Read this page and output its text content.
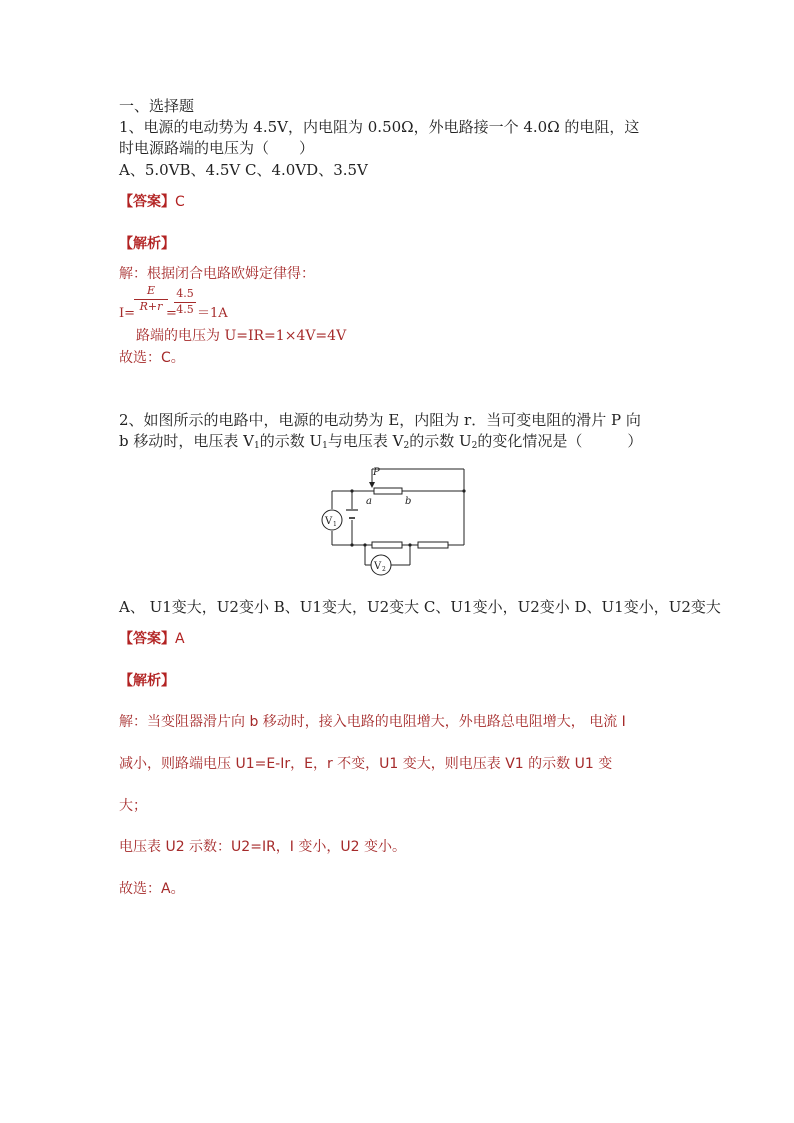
一、选择题
1、电源的电动势为 4.5V，内电阻为 0.50Ω，外电路接一个 4.0Ω 的电阻，这
时电源路端的电压为（　　）
A、5.0VB、4.5V C、4.0VD、3.5V
【答案】C
【解析】
解：根据闭合电路欧姆定律得：
I=
E
R+r =
4.5
4.5 ＝1A
路端的电压为 U=IR=1×4V=4V
故选：C。
2、如图所示的电路中，电源的电动势为 E，内阻为 r．当可变电阻的滑片 P 向
b 移动时，电压表 $V_1$的示数 $U_1$与电压表 $V_2$的示数 $U_2$的变化情况是（　　　）
P
a	b
V 1
V 2
A、 U1变大，U2变小 B、U1变大，U2变大 C、U1变小，U2变小 D、U1变小，U2变大
【答案】A
【解析】
解：当变阻器滑片向 b 移动时，接入电路的电阻增大，外电路总电阻增大， 电流 I
减小，则路端电压 U1=E-Ir，E，r 不变，U1 变大，则电压表 V1 的示数 U1 变
大；
电压表 U2 示数：U2=IR，I 变小，U2 变小。
故选：A。
